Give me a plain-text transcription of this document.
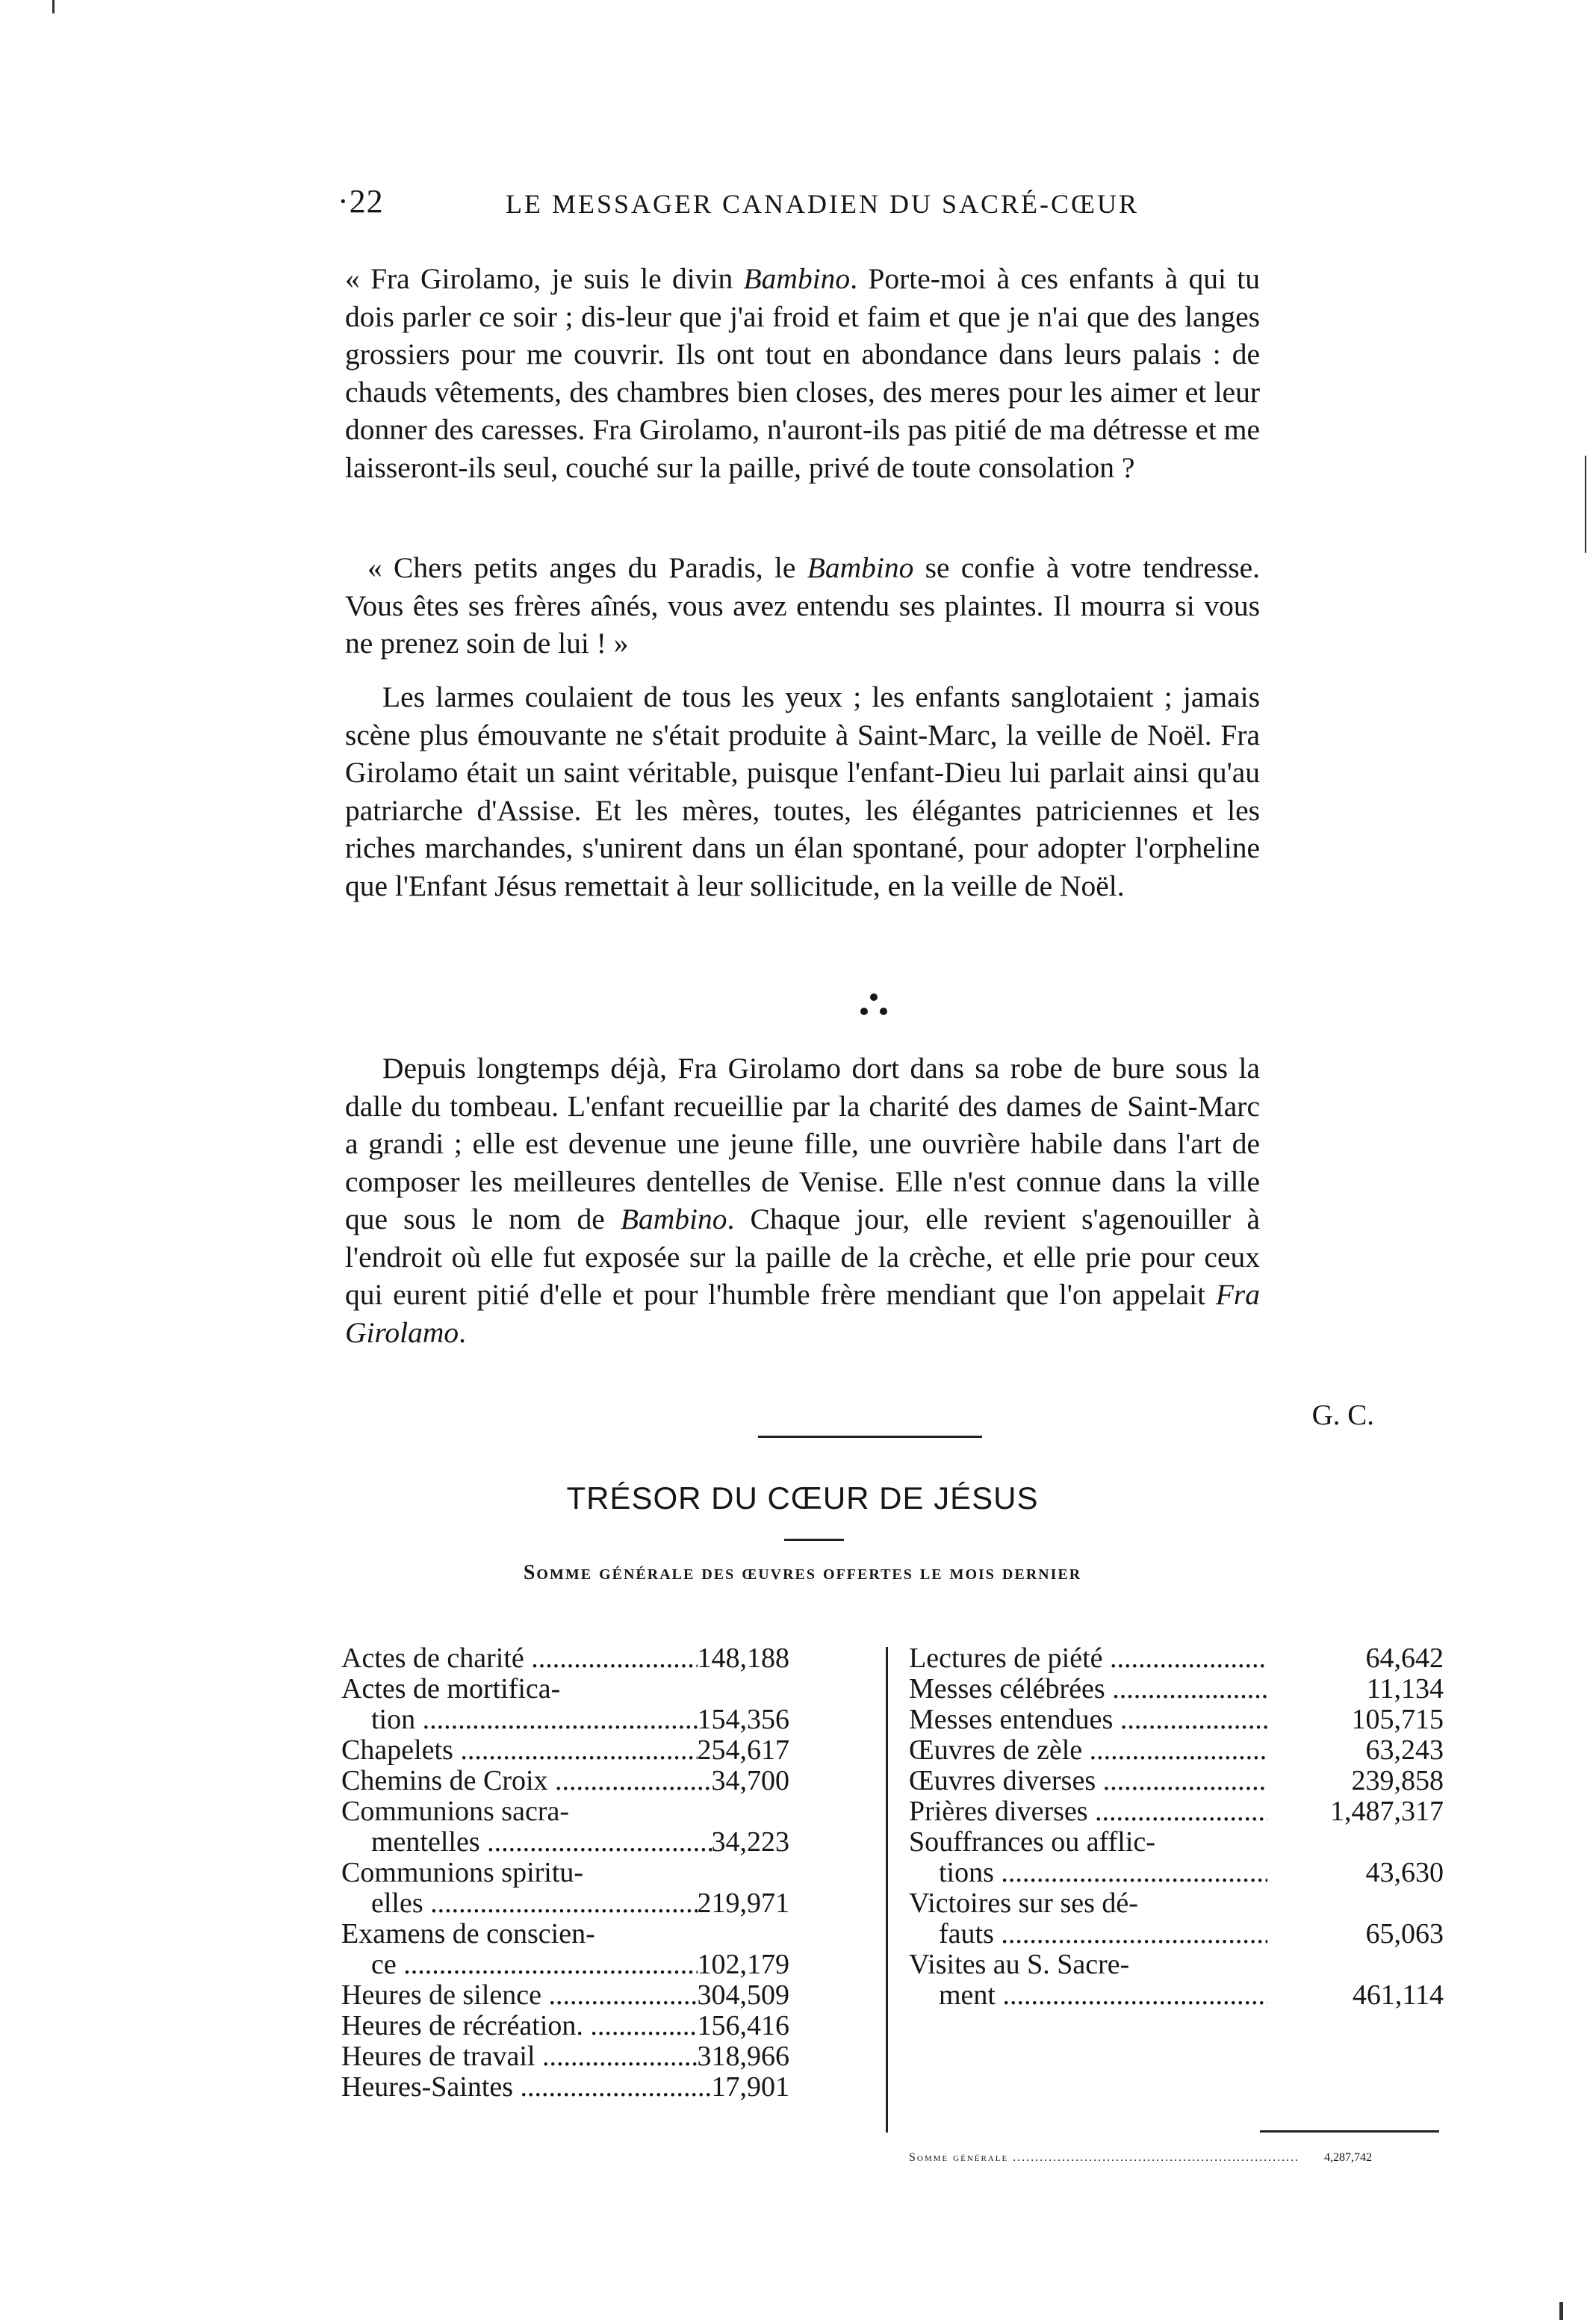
·22	LE MESSAGER CANADIEN DU SACRÉ-CŒUR

« Fra Girolamo, je suis le divin Bambino. Porte-moi à ces enfants à qui tu dois parler ce soir ; dis-leur que j'ai froid et faim et que je n'ai que des langes grossiers pour me couvrir. Ils ont tout en abondance dans leurs palais : de chauds vêtements, des chambres bien closes, des meres pour les aimer et leur donner des caresses. Fra Girolamo, n'auront-ils pas pitié de ma détresse et me laisseront-ils seul, couché sur la paille, privé de toute consolation ?

« Chers petits anges du Paradis, le Bambino se confie à votre tendresse. Vous êtes ses frères aînés, vous avez entendu ses plaintes. Il mourra si vous ne prenez soin de lui ! »

Les larmes coulaient de tous les yeux ; les enfants sanglotaient ; jamais scène plus émouvante ne s'était produite à Saint-Marc, la veille de Noël. Fra Girolamo était un saint véritable, puisque l'enfant-Dieu lui parlait ainsi qu'au patriarche d'Assise. Et les mères, toutes, les élégantes patriciennes et les riches marchandes, s'unirent dans un élan spontané, pour adopter l'orpheline que l'Enfant Jésus remettait à leur sollicitude, en la veille de Noël.

Depuis longtemps déjà, Fra Girolamo dort dans sa robe de bure sous la dalle du tombeau. L'enfant recueillie par la charité des dames de Saint-Marc a grandi ; elle est devenue une jeune fille, une ouvrière habile dans l'art de composer les meilleures dentelles de Venise. Elle n'est connue dans la ville que sous le nom de Bambino. Chaque jour, elle revient s'agenouiller à l'endroit où elle fut exposée sur la paille de la crèche, et elle prie pour ceux qui eurent pitié d'elle et pour l'humble frère mendiant que l'on appelait Fra Girolamo.

G. C.
TRÉSOR DU CŒUR DE JÉSUS
Somme générale des œuvres offertes le mois dernier
Actes de charité .....	148,188
Actes de mortifica-
tion .....	154,356
Chapelets .....	254,617
Chemins de Croix .....	34,700
Communions sacra-
mentelles .....	34,223
Communions spiritu-
elles .....	219,971
Examens de conscien-
ce .....	102,179
Heures de silence .....	304,509
Heures de récréation. .....	156,416
Heures de travail .....	318,966
Heures-Saintes .....	17,901
Lectures de piété .....	64,642
Messes célébrées .....	11,134
Messes entendues .....	105,715
Œuvres de zèle .....	63,243
Œuvres diverses .....	239,858
Prières diverses .....	1,487,317
Souffrances ou afflic-
tions .....	43,630
Victoires sur ses dé-
fauts .....	65,063
Visites au S. Sacre-
ment .....	461,114
Somme générale .....	4,287,742
